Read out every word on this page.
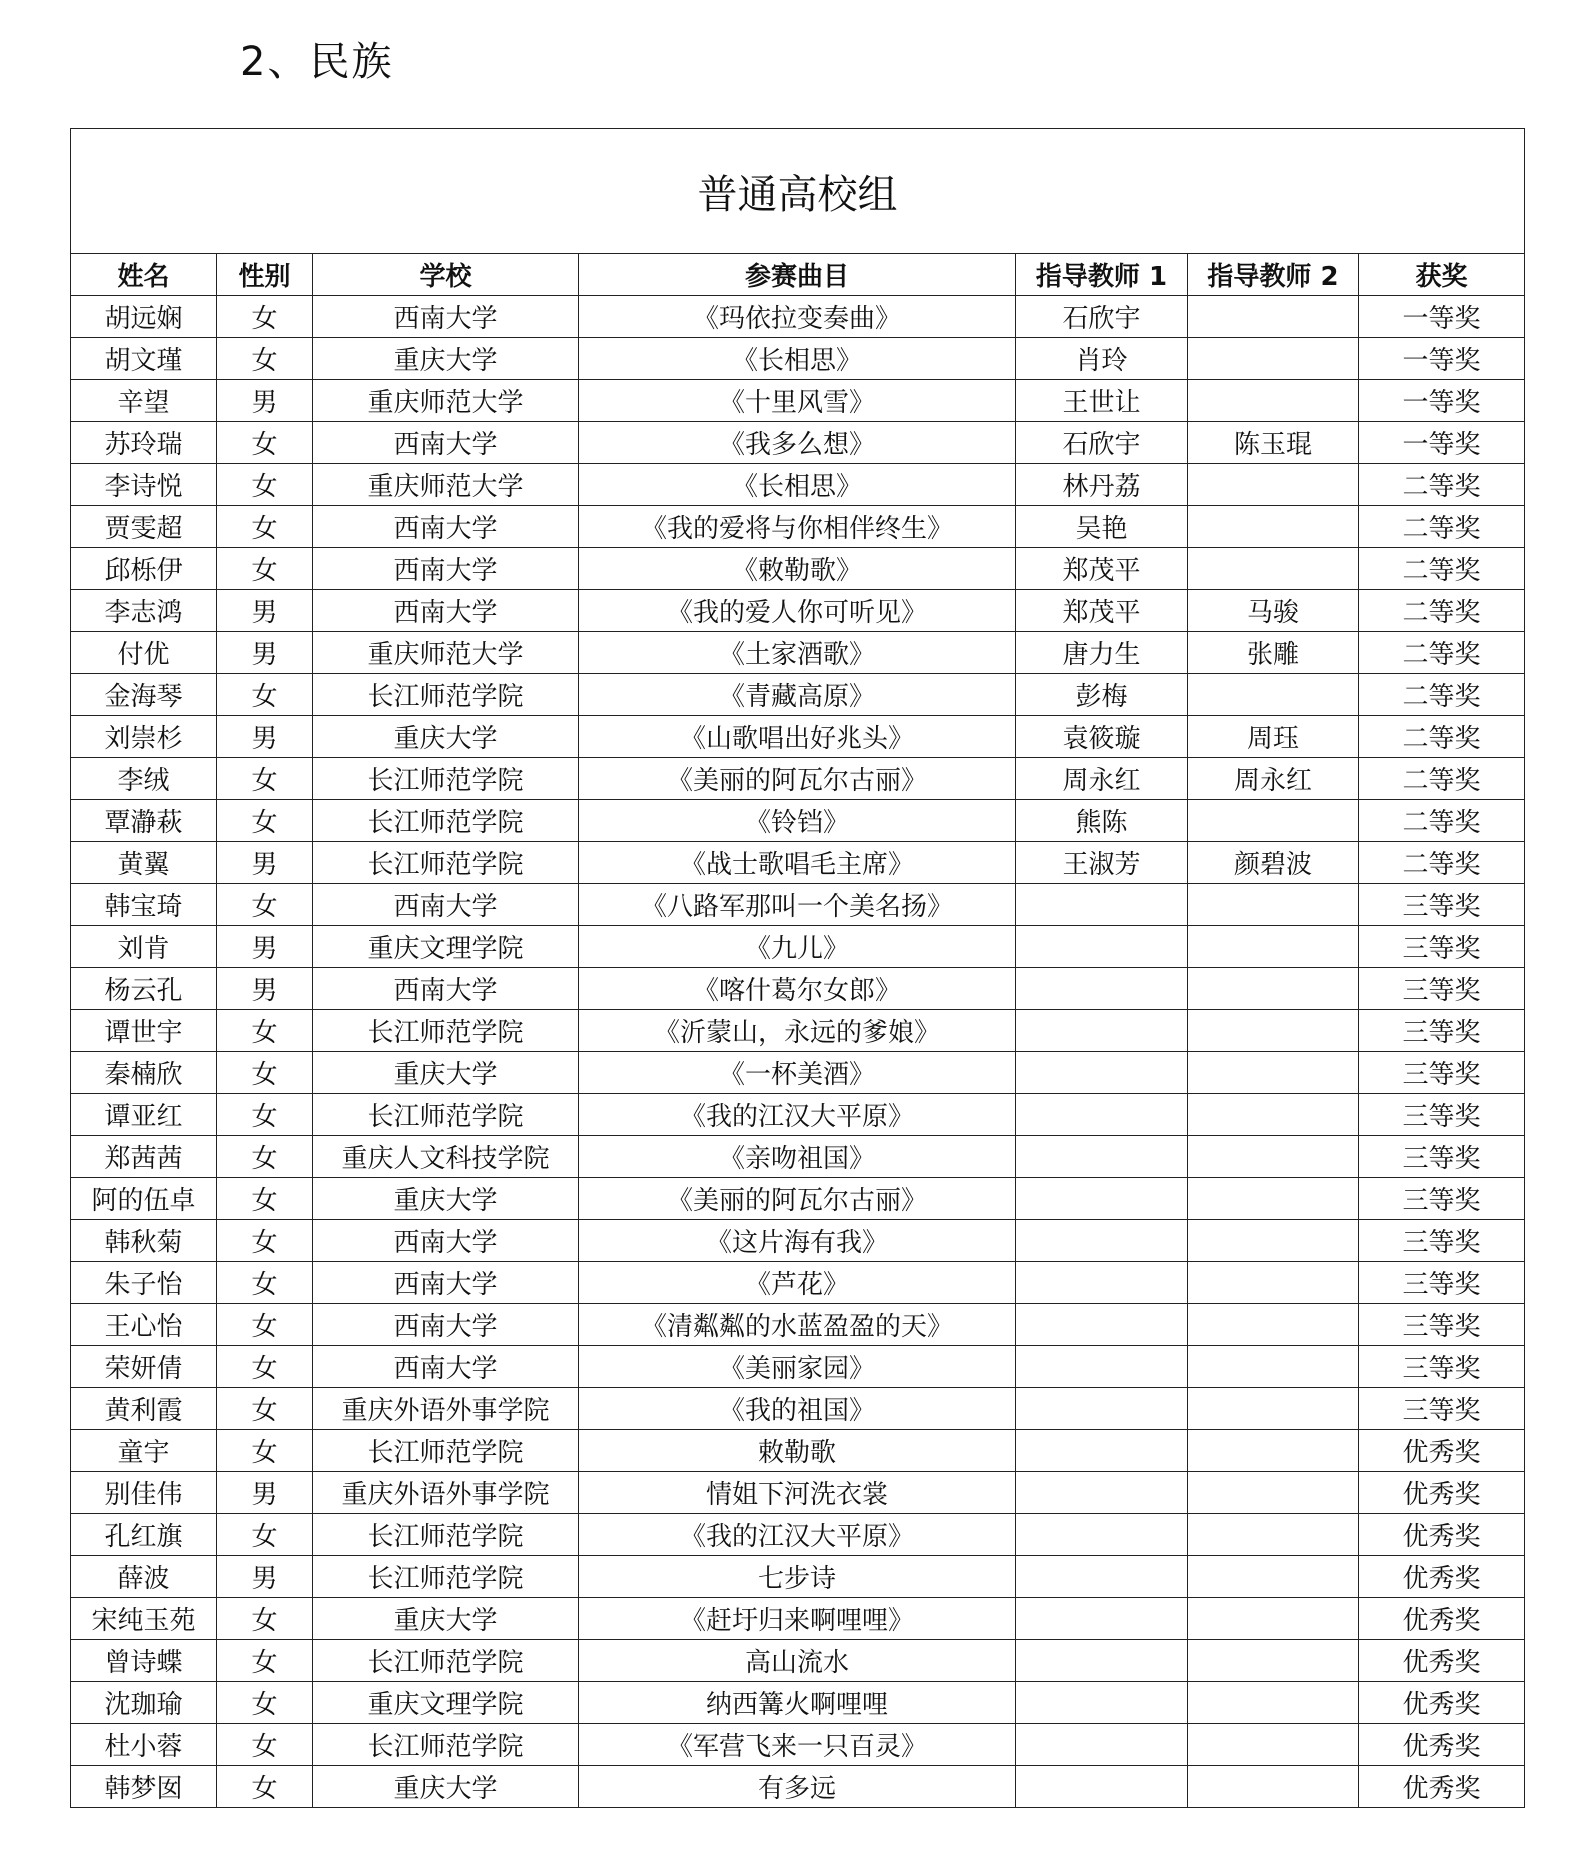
2、民族
普通高校组						
姓名	性别	学校	参赛曲目	指导教师 1	指导教师 2	获奖
胡远娴	女	西南大学	《玛依拉变奏曲》	石欣宇		一等奖
胡文瑾	女	重庆大学	《长相思》	肖玲		一等奖
辛望	男	重庆师范大学	《十里风雪》	王世让		一等奖
苏玲瑞	女	西南大学	《我多么想》	石欣宇	陈玉琨	一等奖
李诗悦	女	重庆师范大学	《长相思》	林丹荔		二等奖
贾雯超	女	西南大学	《我的爱将与你相伴终生》	吴艳		二等奖
邱栎伊	女	西南大学	《敕勒歌》	郑茂平		二等奖
李志鸿	男	西南大学	《我的爱人你可听见》	郑茂平	马骏	二等奖
付优	男	重庆师范大学	《土家酒歌》	唐力生	张雕	二等奖
金海琴	女	长江师范学院	《青藏高原》	彭梅		二等奖
刘崇杉	男	重庆大学	《山歌唱出好兆头》	袁筱璇	周珏	二等奖
李绒	女	长江师范学院	《美丽的阿瓦尔古丽》	周永红	周永红	二等奖
覃瀞萩	女	长江师范学院	《铃铛》	熊陈		二等奖
黄翼	男	长江师范学院	《战士歌唱毛主席》	王淑芳	颜碧波	二等奖
韩宝琦	女	西南大学	《八路军那叫一个美名扬》			三等奖
刘肯	男	重庆文理学院	《九儿》			三等奖
杨云孔	男	西南大学	《喀什葛尔女郎》			三等奖
谭世宇	女	长江师范学院	《沂蒙山，永远的爹娘》			三等奖
秦楠欣	女	重庆大学	《一杯美酒》			三等奖
谭亚红	女	长江师范学院	《我的江汉大平原》			三等奖
郑茜茜	女	重庆人文科技学院	《亲吻祖国》			三等奖
阿的伍卓	女	重庆大学	《美丽的阿瓦尔古丽》			三等奖
韩秋菊	女	西南大学	《这片海有我》			三等奖
朱子怡	女	西南大学	《芦花》			三等奖
王心怡	女	西南大学	《清粼粼的水蓝盈盈的天》			三等奖
荣妍倩	女	西南大学	《美丽家园》			三等奖
黄利霞	女	重庆外语外事学院	《我的祖国》			三等奖
童宇	女	长江师范学院	敕勒歌			优秀奖
别佳伟	男	重庆外语外事学院	情姐下河洗衣裳			优秀奖
孔红旗	女	长江师范学院	《我的江汉大平原》			优秀奖
薛波	男	长江师范学院	七步诗			优秀奖
宋纯玉苑	女	重庆大学	《赶圩归来啊哩哩》			优秀奖
曾诗蝶	女	长江师范学院	高山流水			优秀奖
沈珈瑜	女	重庆文理学院	纳西篝火啊哩哩			优秀奖
杜小蓉	女	长江师范学院	《军营飞来一只百灵》			优秀奖
韩梦囡	女	重庆大学	有多远			优秀奖
